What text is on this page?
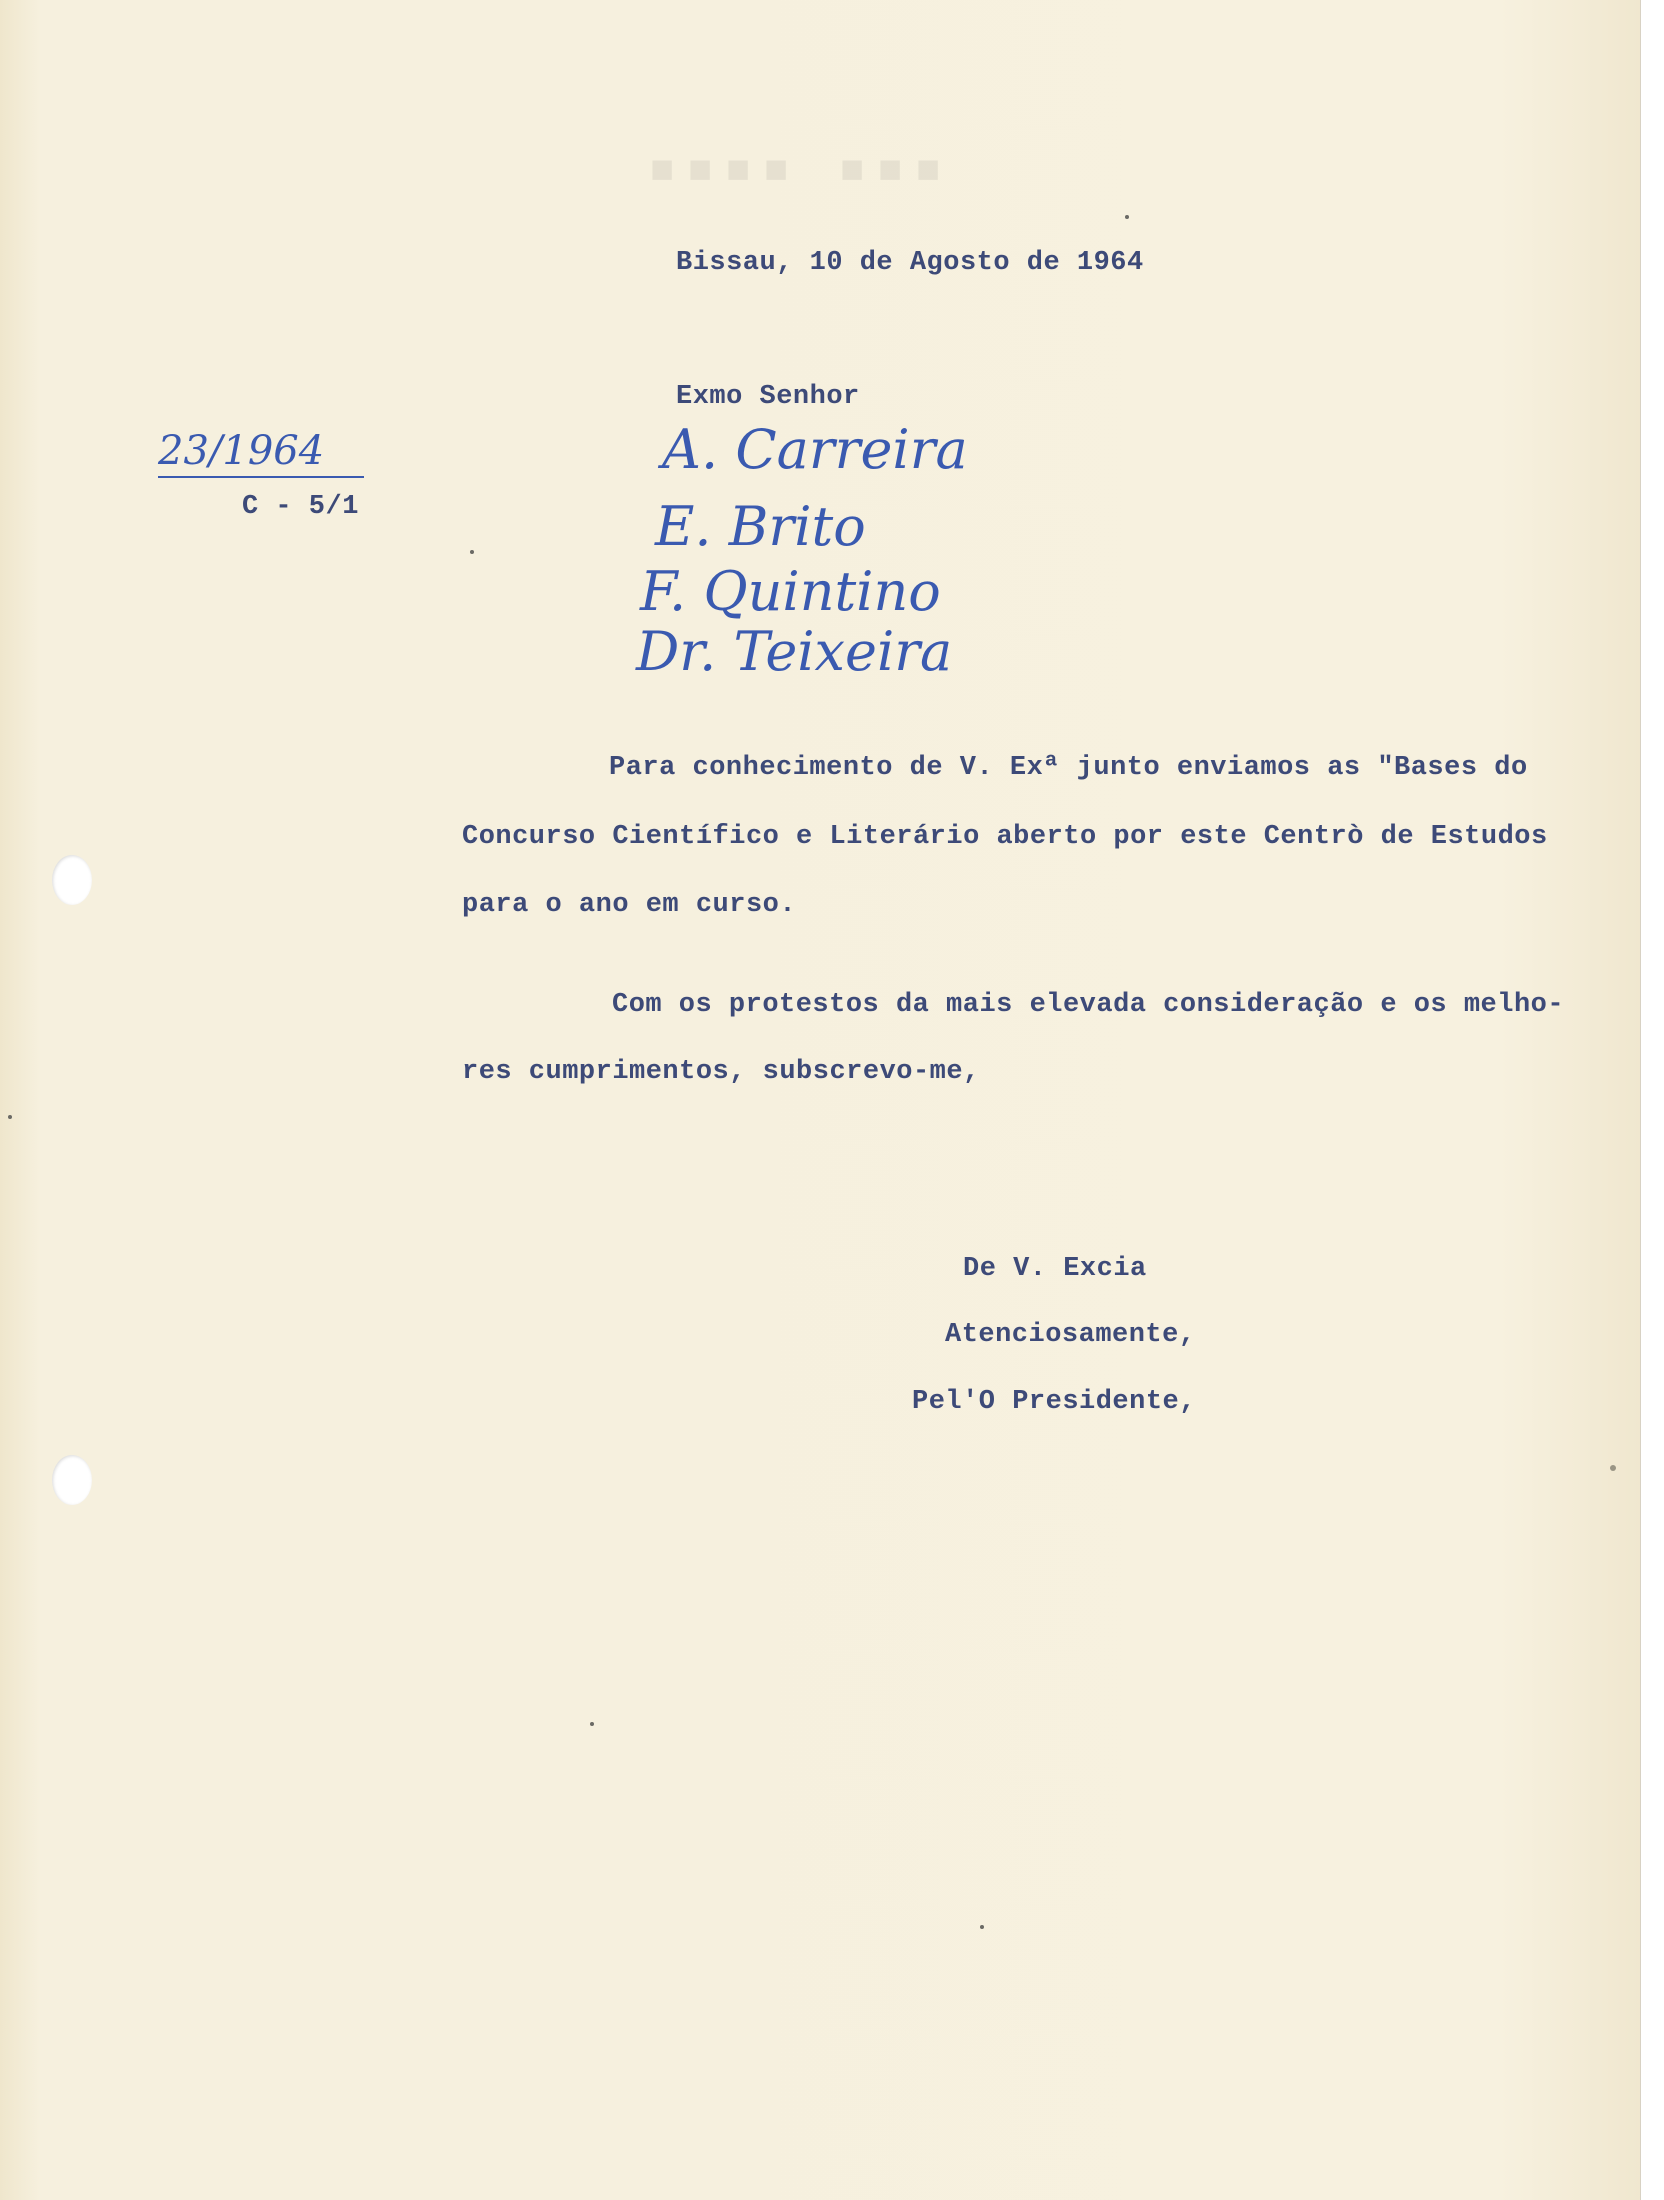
■■■■ ■■■
Bissau, 10 de Agosto de 1964
Exmo Senhor
23/1964
C - 5/1
A. Carreira
E. Brito
F. Quintino
Dr. Teixeira
Para conhecimento de V. Exª junto enviamos as "Bases do
Concurso Científico e Literário aberto por este Centrò de Estudos
para o ano em curso.
Com os protestos da mais elevada consideração e os melho-
res cumprimentos, subscrevo-me,
De V. Excia
Atenciosamente,
Pel'O Presidente,
